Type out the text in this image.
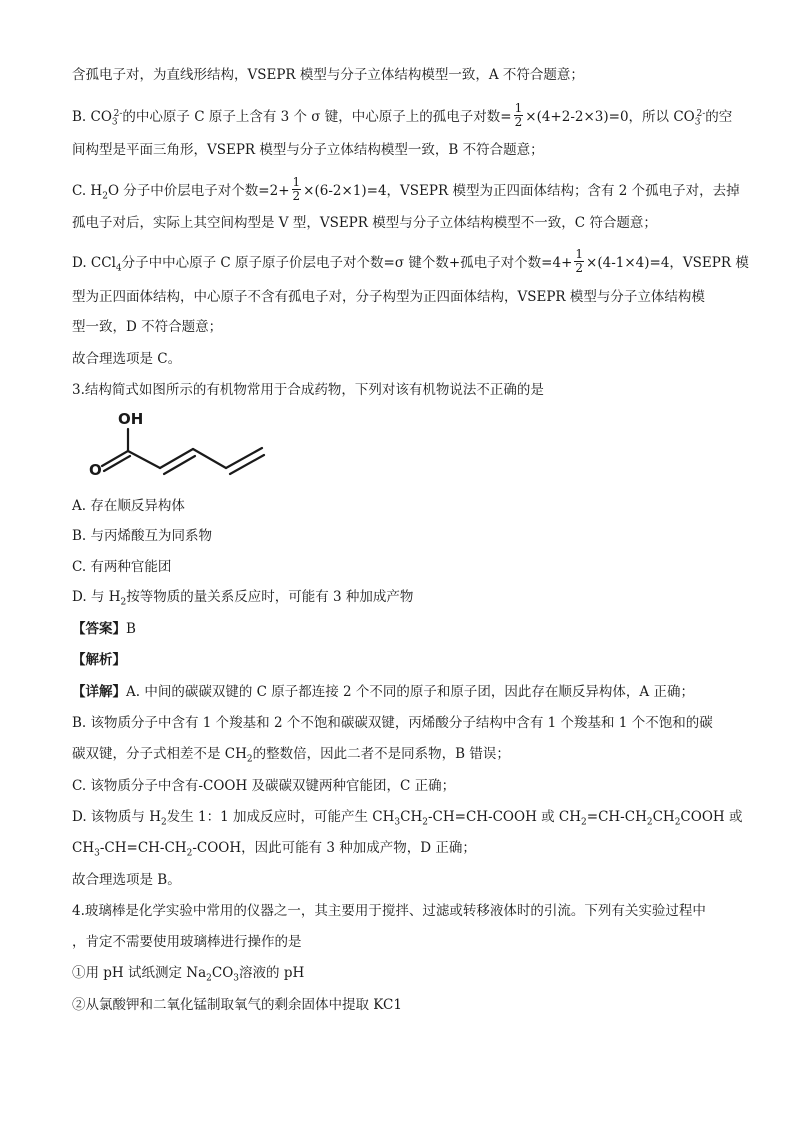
含孤电子对，为直线形结构，VSEPR 模型与分子立体结构模型一致，A 不符合题意；
B. $CO_3^{2-}$的中心原子 C 原子上含有 3 个 σ 键，中心原子上的孤电子对数= $\frac{1}{2} \times(4+2-2\times 3)=0$，所以 $CO_3^{2-}$的空
间构型是平面三角形，VSEPR 模型与分子立体结构模型一致，B 不符合题意；
C. $H_2O$ 分子中价层电子对个数$=2+ \frac{1}{2} \times(6-2\times 1)=4$，VSEPR 模型为正四面体结构；含有 2 个孤电子对，去掉
孤电子对后，实际上其空间构型是 V 型，VSEPR 模型与分子立体结构模型不一致，C 符合题意；
D. CCl$_4$分子中中心原子 C 原子原子价层电子对个数=σ 键个数+孤电子对个数$=4+ \frac{1}{2} \times(4-1\times 4)=4$，VSEPR 模
型为正四面体结构，中心原子不含有孤电子对，分子构型为正四面体结构，VSEPR 模型与分子立体结构模
型一致，D 不符合题意；
故合理选项是 C。
3.结构简式如图所示的有机物常用于合成药物，下列对该有机物说法不正确的是
OH
O
A. 存在顺反异构体
B. 与丙烯酸互为同系物
C. 有两种官能团
D. 与 $H_2$按等物质的量关系反应时，可能有 3 种加成产物
【答案】B
【解析】
【详解】A. 中间的碳碳双键的 C 原子都连接 2 个不同的原子和原子团，因此存在顺反异构体，A 正确；
B. 该物质分子中含有 1 个羧基和 2 个不饱和碳碳双键，丙烯酸分子结构中含有 1 个羧基和 1 个不饱和的碳
碳双键，分子式相差不是 $CH_2$的整数倍，因此二者不是同系物，B 错误；
C. 该物质分子中含有-COOH 及碳碳双键两种官能团，C 正确；
D. 该物质与 $H_2$发生 1：1 加成反应时，可能产生 $CH_3CH_2-CH=CH$-COOH 或 $CH_2=CH-CH_2CH_2COOH$ 或
$CH_3-CH=CH-CH_2$-COOH，因此可能有 3 种加成产物，D 正确；
故合理选项是 B。
4.玻璃棒是化学实验中常用的仪器之一，其主要用于搅拌、过滤或转移液体时的引流。下列有关实验过程中
，肯定不需要使用玻璃棒进行操作的是
①用 pH 试纸测定 $Na_2CO_3$溶液的 pH
②从氯酸钾和二氧化锰制取氧气的剩余固体中提取 KC1
